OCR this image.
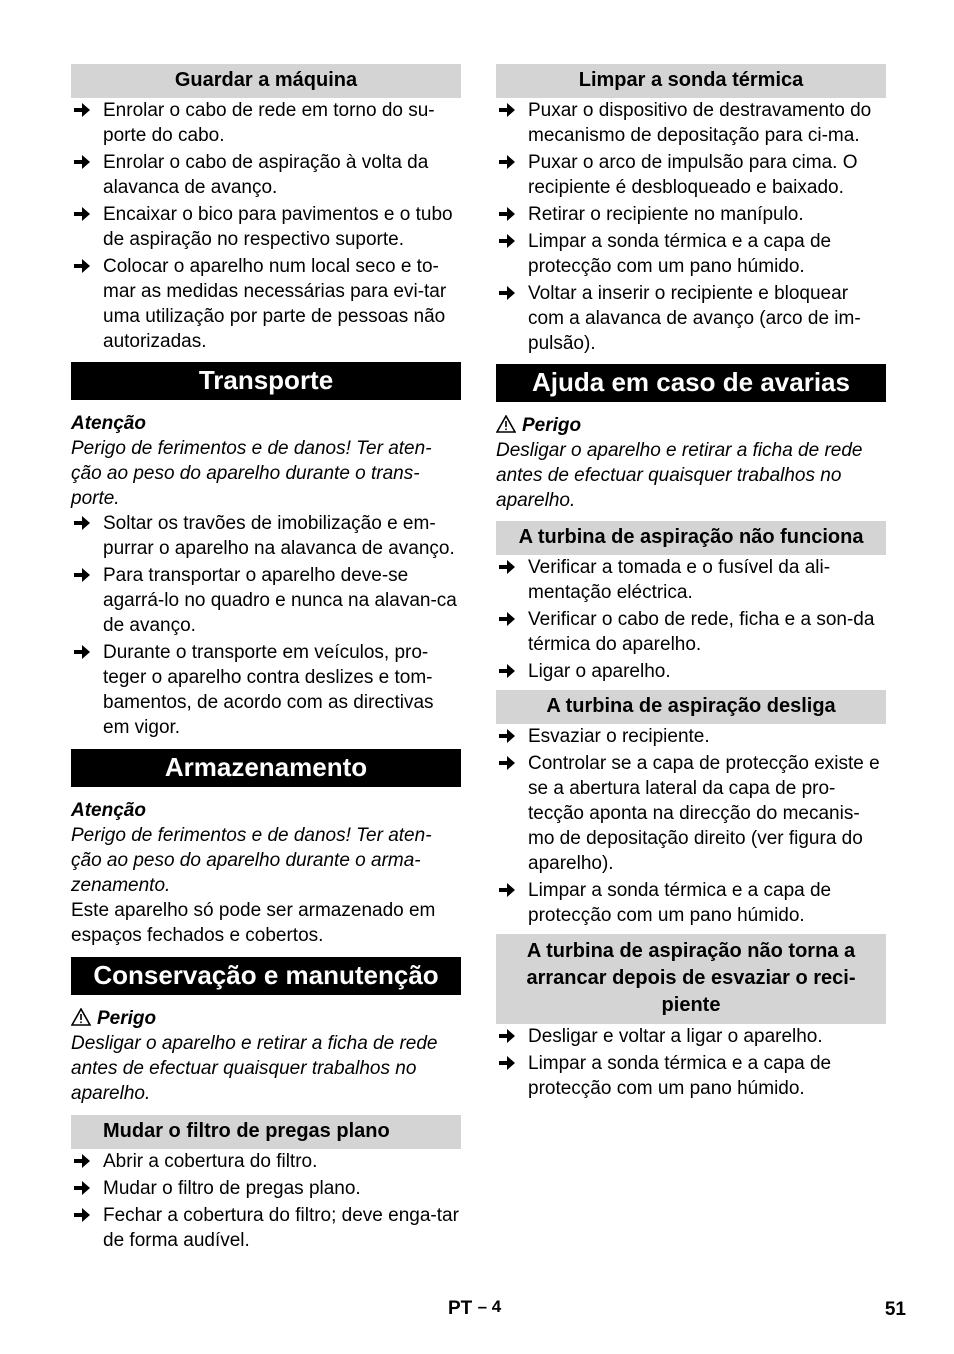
Guardar a máquina
Enrolar o cabo de rede em torno do su-porte do cabo.
Enrolar o cabo de aspiração à volta da alavanca de avanço.
Encaixar o bico para pavimentos e o tubo de aspiração no respectivo suporte.
Colocar o aparelho num local seco e to-mar as medidas necessárias para evi-tar uma utilização por parte de pessoas não autorizadas.
Transporte
Atenção

Perigo de ferimentos e de danos! Ter aten-ção ao peso do aparelho durante o trans-porte.

Soltar os travões de imobilização e em-purrar o aparelho na alavanca de avanço.
Para transportar o aparelho deve-se agarrá-lo no quadro e nunca na alavan-ca de avanço.
Durante o transporte em veículos, pro-teger o aparelho contra deslizes e tom-bamentos, de acordo com as directivas em vigor.
Armazenamento
Atenção

Perigo de ferimentos e de danos! Ter aten-ção ao peso do aparelho durante o arma-zenamento.

Este aparelho só pode ser armazenado em espaços fechados e cobertos.

Conservação e manutenção
Perigo

Desligar o aparelho e retirar a ficha de rede antes de efectuar quaisquer trabalhos no aparelho.

Mudar o filtro de pregas plano
Abrir a cobertura do filtro.
Mudar o filtro de pregas plano.
Fechar a cobertura do filtro; deve enga-tar de forma audível.
Limpar a sonda térmica
Puxar o dispositivo de destravamento do mecanismo de depositação para ci-ma.
Puxar o arco de impulsão para cima. O recipiente é desbloqueado e baixado.
Retirar o recipiente no manípulo.
Limpar a sonda térmica e a capa de protecção com um pano húmido.
Voltar a inserir o recipiente e bloquear com a alavanca de avanço (arco de im-pulsão).
Ajuda em caso de avarias
Perigo

Desligar o aparelho e retirar a ficha de rede antes de efectuar quaisquer trabalhos no aparelho.

A turbina de aspiração não funciona
Verificar a tomada e o fusível da ali-mentação eléctrica.
Verificar o cabo de rede, ficha e a son-da térmica do aparelho.
Ligar o aparelho.
A turbina de aspiração desliga
Esvaziar o recipiente.
Controlar se a capa de protecção existe e se a abertura lateral da capa de pro-tecção aponta na direcção do mecanis-mo de depositação direito (ver figura do aparelho).
Limpar a sonda térmica e a capa de protecção com um pano húmido.
A turbina de aspiração não torna a arrancar depois de esvaziar o reci-piente
Desligar e voltar a ligar o aparelho.
Limpar a sonda térmica e a capa de protecção com um pano húmido.
PT – 4	51
